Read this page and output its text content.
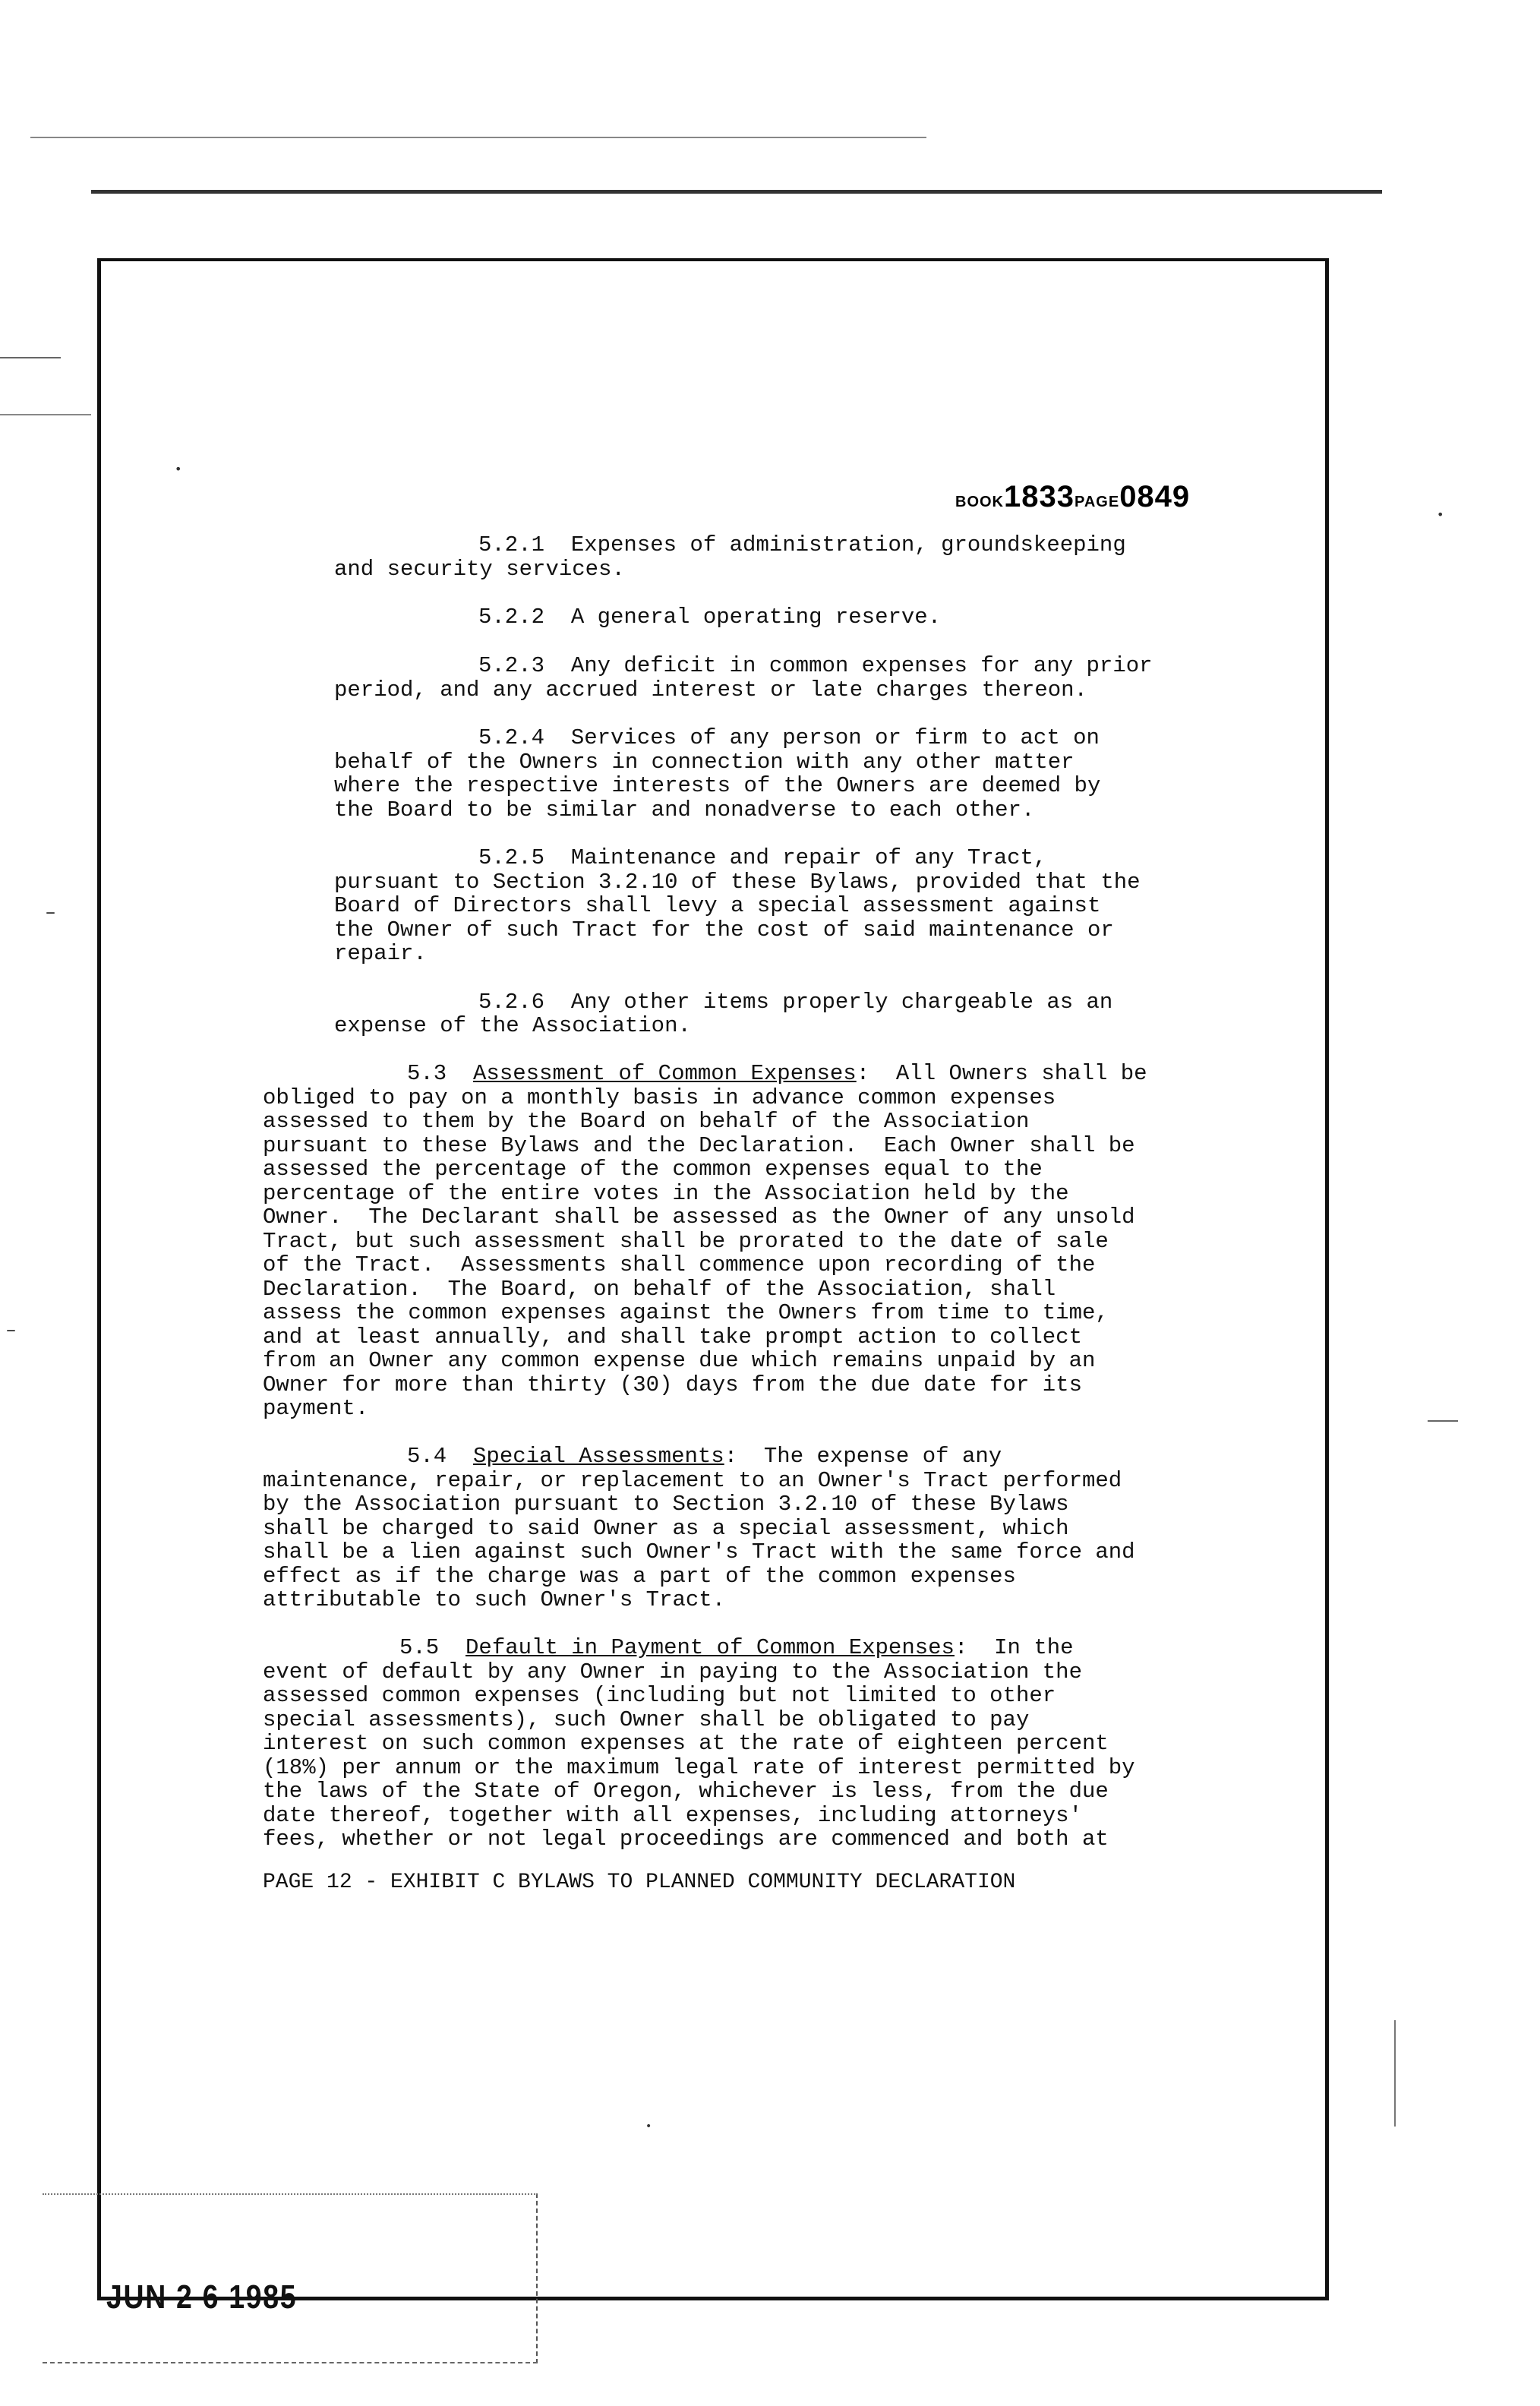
BOOK1833PAGE0849
5.2.1  Expenses of administration, groundskeeping
and security services.
5.2.2  A general operating reserve.
5.2.3  Any deficit in common expenses for any prior
period, and any accrued interest or late charges thereon.
5.2.4  Services of any person or firm to act on
behalf of the Owners in connection with any other matter
where the respective interests of the Owners are deemed by
the Board to be similar and nonadverse to each other.
5.2.5  Maintenance and repair of any Tract,
pursuant to Section 3.2.10 of these Bylaws, provided that the
Board of Directors shall levy a special assessment against
the Owner of such Tract for the cost of said maintenance or
repair.
5.2.6  Any other items properly chargeable as an
expense of the Association.
5.3 Assessment of Common Expenses:  All Owners shall be
obliged to pay on a monthly basis in advance common expenses
assessed to them by the Board on behalf of the Association
pursuant to these Bylaws and the Declaration.  Each Owner shall be
assessed the percentage of the common expenses equal to the
percentage of the entire votes in the Association held by the
Owner.  The Declarant shall be assessed as the Owner of any unsold
Tract, but such assessment shall be prorated to the date of sale
of the Tract.  Assessments shall commence upon recording of the
Declaration.  The Board, on behalf of the Association, shall
assess the common expenses against the Owners from time to time,
and at least annually, and shall take prompt action to collect
from an Owner any common expense due which remains unpaid by an
Owner for more than thirty (30) days from the due date for its
payment.
5.4 Special Assessments:  The expense of any
maintenance, repair, or replacement to an Owner's Tract performed
by the Association pursuant to Section 3.2.10 of these Bylaws
shall be charged to said Owner as a special assessment, which
shall be a lien against such Owner's Tract with the same force and
effect as if the charge was a part of the common expenses
attributable to such Owner's Tract.
5.5 Default in Payment of Common Expenses:  In the
event of default by any Owner in paying to the Association the
assessed common expenses (including but not limited to other
special assessments), such Owner shall be obligated to pay
interest on such common expenses at the rate of eighteen percent
(18%) per annum or the maximum legal rate of interest permitted by
the laws of the State of Oregon, whichever is less, from the due
date thereof, together with all expenses, including attorneys'
fees, whether or not legal proceedings are commenced and both at
PAGE 12 - EXHIBIT C BYLAWS TO PLANNED COMMUNITY DECLARATION
JUN 2 6 1985
•
•
•
–
–
